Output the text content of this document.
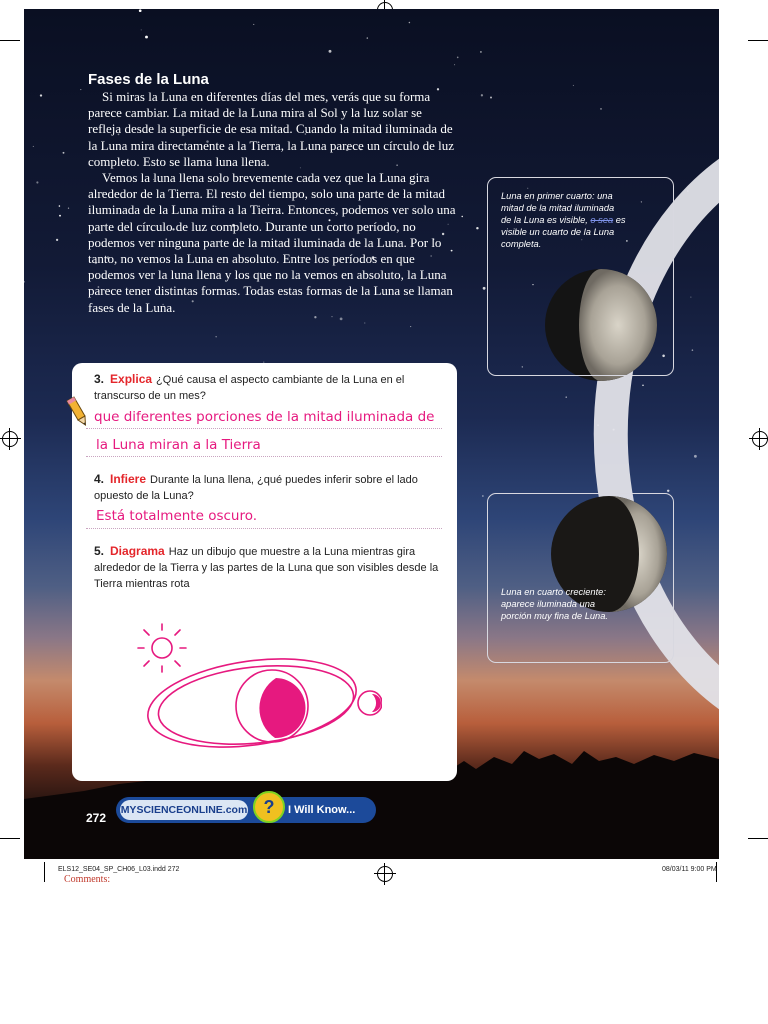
Fases de la Luna

Si miras la Luna en diferentes días del mes, verás que su forma parece cambiar. La mitad de la Luna mira al Sol y la luz solar se refleja desde la superficie de esa mitad. Cuando la mitad iluminada de la Luna mira directamente a la Tierra, la Luna parece un círculo de luz completo. Esto se llama luna llena.

Vemos la luna llena solo brevemente cada vez que la Luna gira alrededor de la Tierra. El resto del tiempo, solo una parte de la mitad iluminada de la Luna mira a la Tierra. Entonces, podemos ver solo una parte del círculo de luz completo. Durante un corto período, no podemos ver ninguna parte de la mitad iluminada de la Luna. Por lo tanto, no vemos la Luna en absoluto. Entre los períodos en que podemos ver la luna llena y los que no la vemos en absoluto, la Luna parece tener distintas formas. Todas estas formas de la Luna se llaman fases de la Luna.

3. Explica ¿Qué causa el aspecto cambiante de la Luna en el transcurso de un mes?
que diferentes porciones de la mitad iluminada de
la Luna miran a la Tierra
4. Infiere Durante la luna llena, ¿qué puedes inferir sobre el lado opuesto de la Luna?
Está totalmente oscuro.
5. Diagrama Haz un dibujo que muestre a la Luna mientras gira alrededor de la Tierra y las partes de la Luna que son visibles desde la Tierra mientras rota
Luna en primer cuarto: una mitad de la mitad iluminada de la Luna es visible, o sea es visible un cuarto de la Luna completa.
Luna en cuarto creciente: aparece iluminada una porción muy fina de Luna.
272
MYSCIENCEONLINE.com ?	I Will Know...
ELS12_SE04_SP_CH06_L03.indd 272
Comments:
08/03/11 9:00 PM
